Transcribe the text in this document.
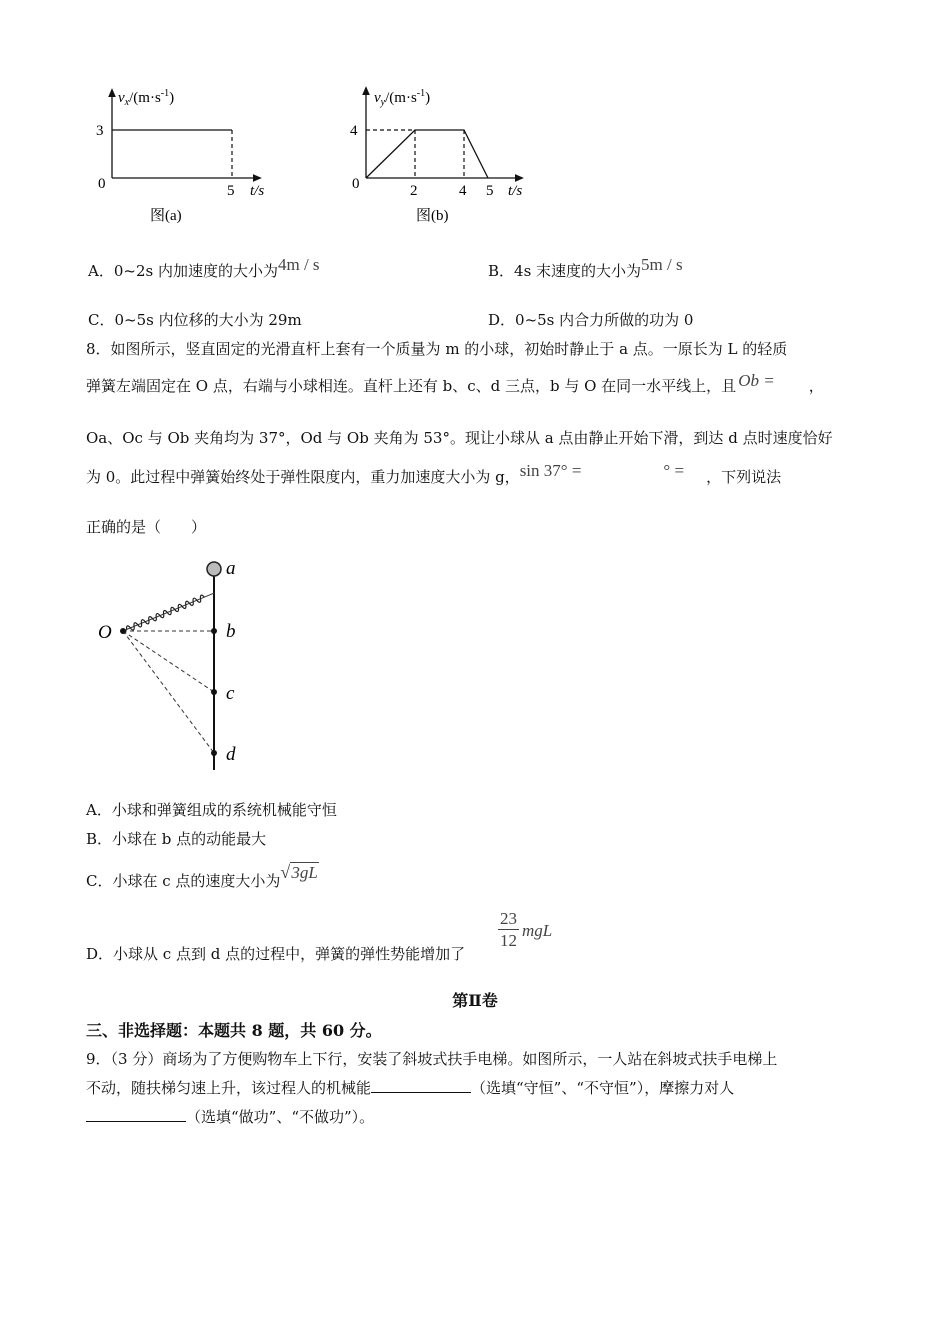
$v_x/(m\cdot s^{-1})$
3
0	5 t/s
图(a)
$v_y/(m\cdot s^{-1})$
4
0	2	4 5 t/s
图(b)
A．0~2s 内加速度的大小为4m / s	B．4s 末速度的大小为5m / s
C．0~5s 内位移的大小为 29m	D．0~5s 内合力所做的功为 0
8．如图所示，竖直固定的光滑直杆上套有一个质量为 m 的小球，初始时静止于 a 点。一原长为 L 的轻质
弹簧左端固定在 O 点，右端与小球相连。直杆上还有 b、c、d 三点，b 与 O 在同一水平线上，且 Ob = ，
Oa、Oc 与 Ob 夹角均为 37°，Od 与 Ob 夹角为 53°。现让小球从 a 点由静止开始下滑，到达 d 点时速度恰好
为 0。此过程中弹簧始终处于弹性限度内，重力加速度大小为 g，sin 37° =	° = ，下列说法
正确的是（　　）
O
a
b
c
d
A．小球和弹簧组成的系统机械能守恒
B．小球在 b 点的动能最大
C．小球在 c 点的速度大小为√3gL
D．小球从 c 点到 d 点的过程中，弹簧的弹性势能增加了
$\frac{23}{12}$ mgL
第Ⅱ卷
三、非选择题：本题共 8 题，共 60 分。
9．（3 分）商场为了方便购物车上下行，安装了斜坡式扶手电梯。如图所示，一人站在斜坡式扶手电梯上
不动，随扶梯匀速上升，该过程人的机械能	（选填“守恒”、“不守恒”），摩擦力对人
（选填“做功”、“不做功”）。
